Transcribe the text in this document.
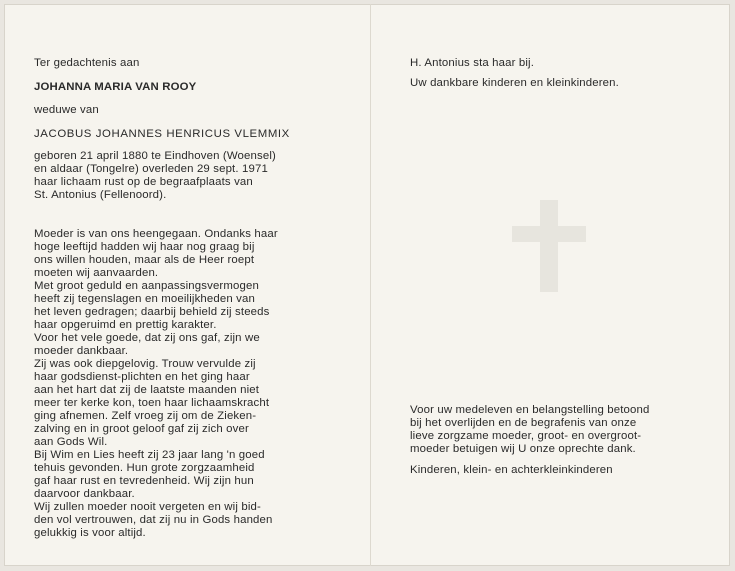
Ter gedachtenis aan
JOHANNA MARIA VAN ROOY
weduwe van
JACOBUS JOHANNES HENRICUS VLEMMIX
geboren 21 april 1880 te Eindhoven (Woensel)
en aldaar (Tongelre) overleden 29 sept. 1971
haar lichaam rust op de begraafplaats van
St. Antonius (Fellenoord).
Moeder is van ons heengegaan. Ondanks haar
hoge leeftijd hadden wij haar nog graag bij
ons willen houden, maar als de Heer roept
moeten wij aanvaarden.
Met groot geduld en aanpassingsvermogen
heeft zij tegenslagen en moeilijkheden van
het leven gedragen; daarbij behield zij steeds
haar opgeruimd en prettig karakter.
Voor het vele goede, dat zij ons gaf, zijn we
moeder dankbaar.
Zij was ook diepgelovig. Trouw vervulde zij
haar godsdienst-plichten en het ging haar
aan het hart dat zij de laatste maanden niet
meer ter kerke kon, toen haar lichaamskracht
ging afnemen. Zelf vroeg zij om de Zieken-
zalving en in groot geloof gaf zij zich over
aan Gods Wil.
Bij Wim en Lies heeft zij 23 jaar lang 'n goed
tehuis gevonden. Hun grote zorgzaamheid
gaf haar rust en tevredenheid. Wij zijn hun
daarvoor dankbaar.
Wij zullen moeder nooit vergeten en wij bid-
den vol vertrouwen, dat zij nu in Gods handen
gelukkig is voor altijd.
H. Antonius sta haar bij.
Uw dankbare kinderen en kleinkinderen.
Voor uw medeleven en belangstelling betoond
bij het overlijden en de begrafenis van onze
lieve zorgzame moeder, groot- en overgroot-
moeder betuigen wij U onze oprechte dank.
Kinderen, klein- en achterkleinkinderen
